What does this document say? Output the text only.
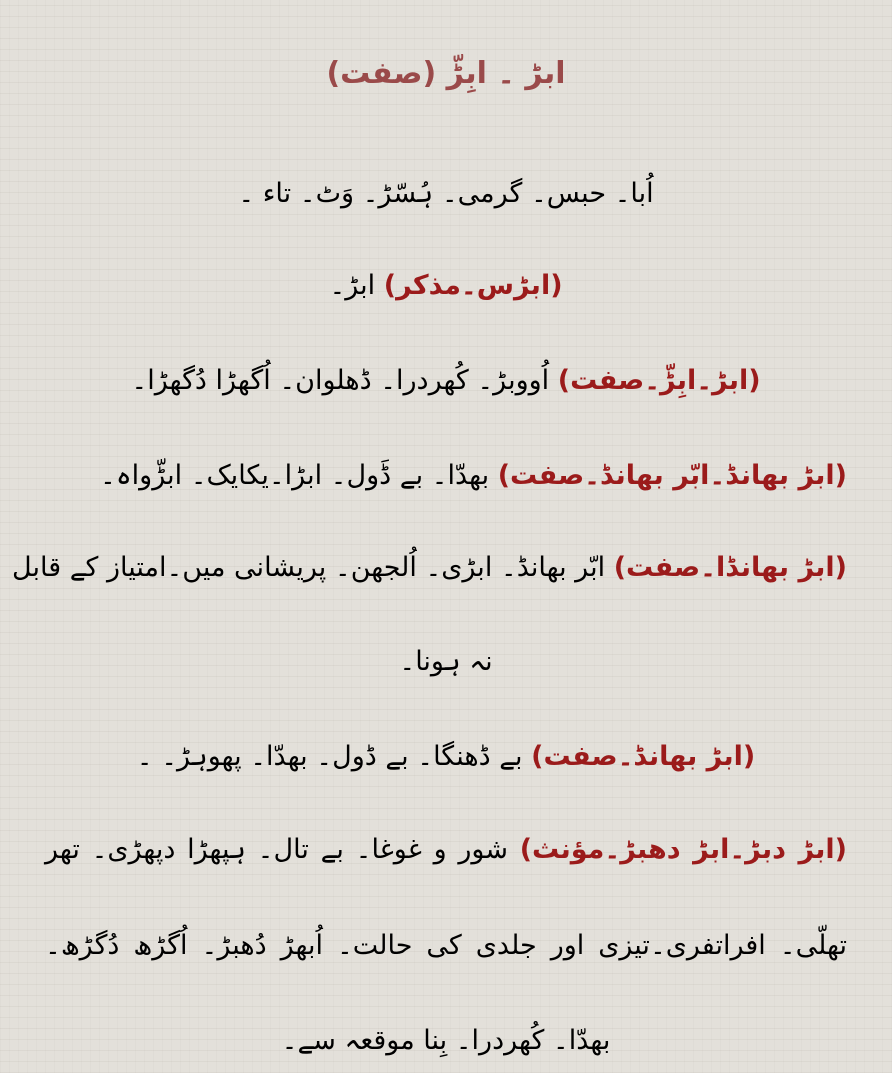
ابڑ ۔ ابِڑّ (صفت)
اُبا۔ حبس۔ گرمی۔ ہُسّڑ۔ وَٹ۔ تاء ۔
(ابڑس۔مذکر) ابڑ۔
(ابڑ۔ابِڑّ۔صفت) اُووبڑ۔ کُھردرا۔ ڈھلوان۔ اُگھڑا دُگھڑا۔
(ابڑ بھانڈ۔ابّر بھانڈ۔صفت) بھدّا۔ بے ڈَول۔ ابڑا۔یکایک۔ ابڑّواہ۔
(ابڑ بھانڈا۔صفت) ابّر بھانڈ۔ ابڑی۔ اُلجھن۔ پریشانی میں۔امتیاز کے قابل
نہ ہونا۔
(ابڑ بھانڈ۔صفت) بے ڈھنگا۔ بے ڈول۔ بھدّا۔ پھوہڑ۔ ۔
(ابڑ دبڑ۔ابڑ دھبڑ۔مؤنث) شور و غوغا۔ بے تال۔ ہپھڑا دپھڑی۔ تھر
تھلّی۔ افراتفری۔تیزی اور جلدی کی حالت۔ اُبھڑ دُھبڑ۔ اُگڑھ دُگڑھ۔
بھدّا۔ کُھردرا۔ بِنا موقعہ سے۔
